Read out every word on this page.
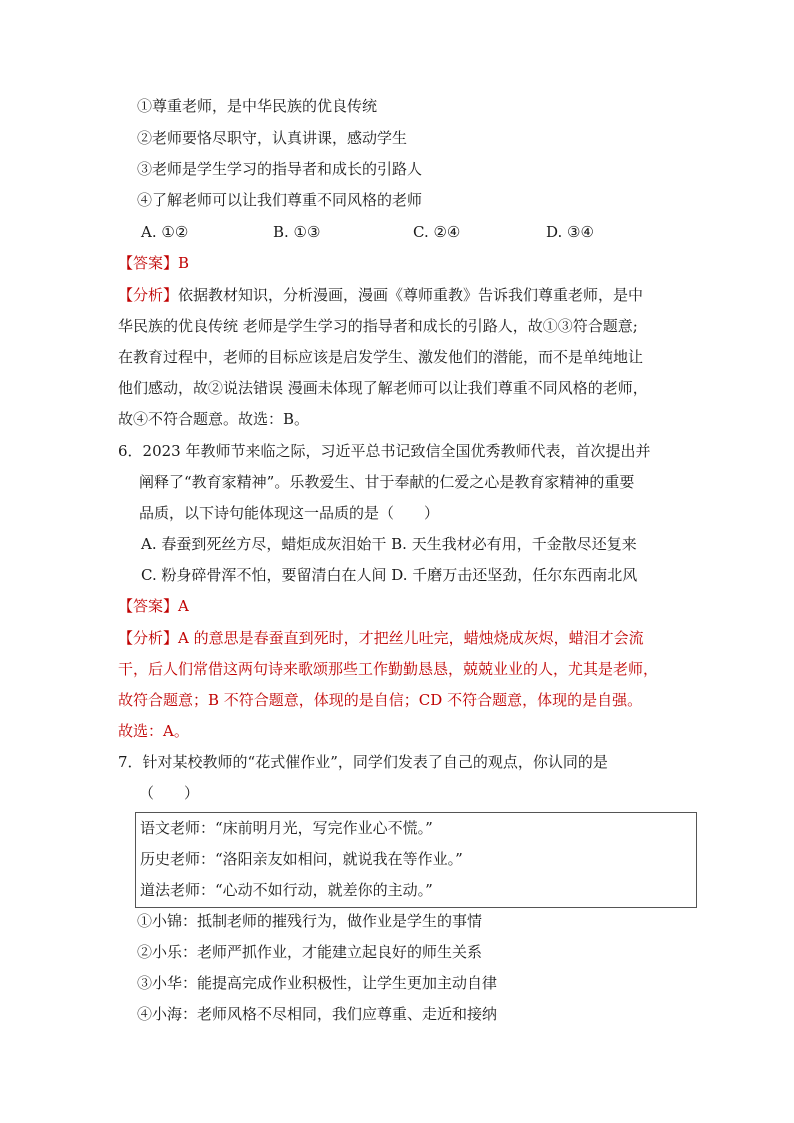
①尊重老师，是中华民族的优良传统
②老师要恪尽职守，认真讲课，感动学生
③老师是学生学习的指导者和成长的引路人
④了解老师可以让我们尊重不同风格的老师
A. ①②	B. ①③	C. ②④	D. ③④
【答案】B
【分析】依据教材知识，分析漫画，漫画《尊师重教》告诉我们尊重老师，是中
华民族的优良传统 老师是学生学习的指导者和成长的引路人，故①③符合题意;
在教育过程中，老师的目标应该是启发学生、激发他们的潜能，而不是单纯地让
他们感动，故②说法错误 漫画未体现了解老师可以让我们尊重不同风格的老师，
故④不符合题意。故选：B。
6．2023 年教师节来临之际，习近平总书记致信全国优秀教师代表，首次提出并
阐释了“教育家精神”。乐教爱生、甘于奉献的仁爱之心是教育家精神的重要
品质，以下诗句能体现这一品质的是（　　）
A. 春蚕到死丝方尽，蜡炬成灰泪始干 B. 天生我材必有用，千金散尽还复来
C. 粉身碎骨浑不怕，要留清白在人间 D. 千磨万击还坚劲，任尔东西南北风
【答案】A
【分析】A 的意思是春蚕直到死时，才把丝儿吐完，蜡烛烧成灰烬，蜡泪才会流
干，后人们常借这两句诗来歌颂那些工作勤勤恳恳，兢兢业业的人，尤其是老师，
故符合题意；B 不符合题意，体现的是自信；CD 不符合题意，体现的是自强。
故选：A。
7．针对某校教师的“花式催作业”，同学们发表了自己的观点，你认同的是
（　　）
语文老师：“床前明月光，写完作业心不慌。”
历史老师：“洛阳亲友如相问，就说我在等作业。”
道法老师：“心动不如行动，就差你的主动。”
①小锦：抵制老师的摧残行为，做作业是学生的事情
②小乐：老师严抓作业，才能建立起良好的师生关系
③小华：能提高完成作业积极性，让学生更加主动自律
④小海：老师风格不尽相同，我们应尊重、走近和接纳
